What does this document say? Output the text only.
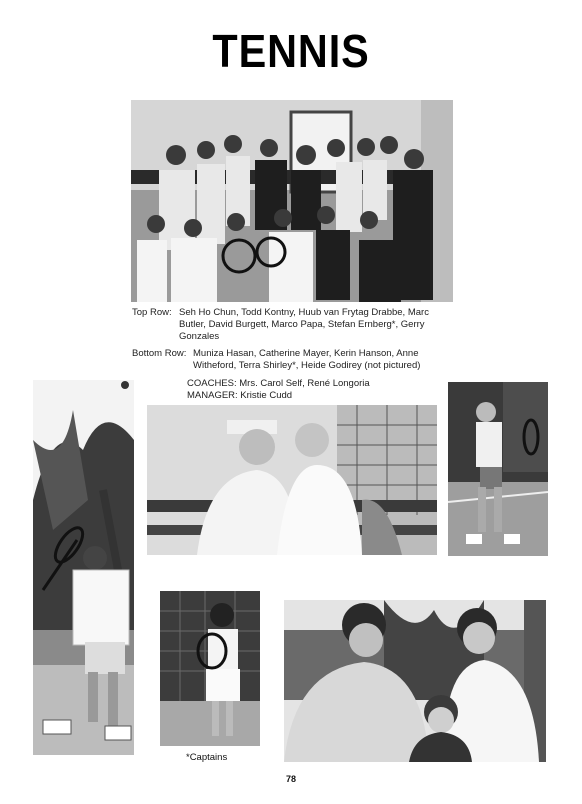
TENNIS
Top Row: Seh Ho Chun, Todd Kontny, Huub van Frytag Drabbe, Marc
Butler, David Burgett, Marco Papa, Stefan Ernberg*, Gerry
Gonzales
Bottom Row: Muniza Hasan, Catherine Mayer, Kerin Hanson, Anne
Witheford, Terra Shirley*, Heide Godirey (not pictured)
COACHES: Mrs. Carol Self, René Longoria
MANAGER: Kristie Cudd
*Captains
78
